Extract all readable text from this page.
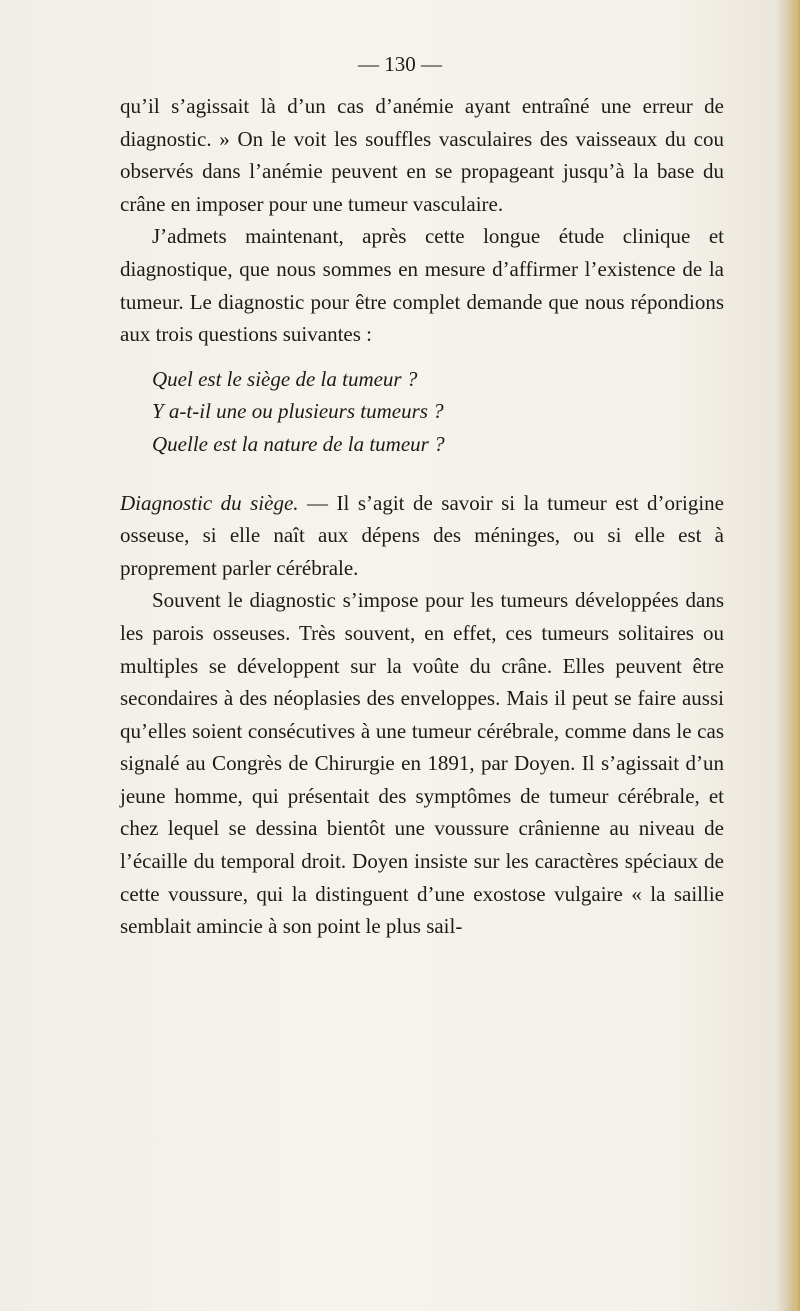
— 130 —

qu’il s’agissait là d’un cas d’anémie ayant entraîné une erreur de diagnostic. » On le voit les souffles vasculaires des vaisseaux du cou observés dans l’anémie peuvent en se propageant jusqu’à la base du crâne en imposer pour une tumeur vasculaire.

J’admets maintenant, après cette longue étude clinique et diagnostique, que nous sommes en mesure d’affirmer l’existence de la tumeur. Le diagnostic pour être complet demande que nous répondions aux trois questions suivantes :

Quel est le siège de la tumeur ?

Y a-t-il une ou plusieurs tumeurs ?

Quelle est la nature de la tumeur ?

Diagnostic du siège. — Il s’agit de savoir si la tumeur est d’origine osseuse, si elle naît aux dépens des méninges, ou si elle est à proprement parler cérébrale.

Souvent le diagnostic s’impose pour les tumeurs développées dans les parois osseuses. Très souvent, en effet, ces tumeurs solitaires ou multiples se développent sur la voûte du crâne. Elles peuvent être secondaires à des néoplasies des enveloppes. Mais il peut se faire aussi qu’elles soient consécutives à une tumeur cérébrale, comme dans le cas signalé au Congrès de Chirurgie en 1891, par Doyen. Il s’agissait d’un jeune homme, qui présentait des symptômes de tumeur cérébrale, et chez lequel se dessina bientôt une voussure crânienne au niveau de l’écaille du temporal droit. Doyen insiste sur les caractères spéciaux de cette voussure, qui la distinguent d’une exostose vulgaire « la saillie semblait amincie à son point le plus sail-
